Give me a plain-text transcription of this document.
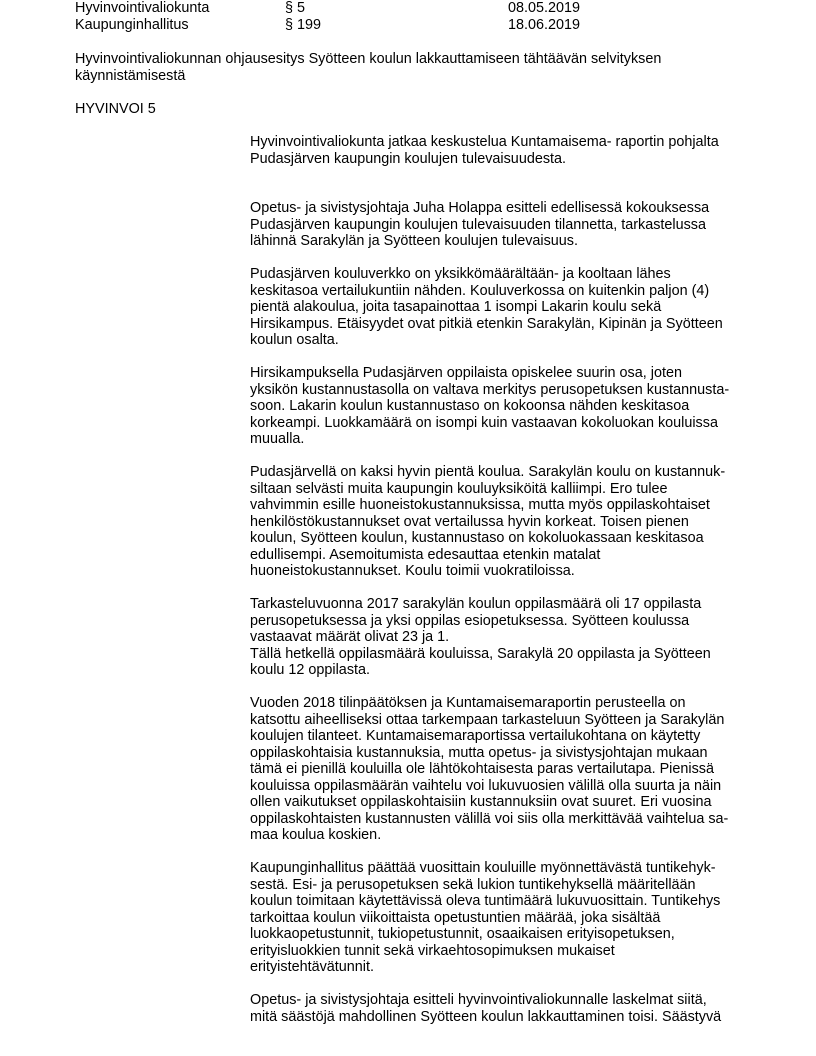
Hyvinvointivaliokunta	§ 5	08.05.2019
Kaupunginhallitus	§ 199	18.06.2019
Hyvinvointivaliokunnan ohjausesitys Syötteen koulun lakkauttamiseen tähtäävän selvityksen
käynnistämisestä
HYVINVOI 5
Hyvinvointivaliokunta jatkaa keskustelua Kuntamaisema- raportin pohjalta
Pudasjärven kaupungin koulujen tulevaisuudesta.
Opetus- ja sivistysjohtaja Juha Holappa esitteli edellisessä kokouksessa
Pudasjärven kaupungin koulujen tulevaisuuden tilannetta, tarkastelussa
lähinnä Sarakylän ja Syötteen koulujen tulevaisuus.
Pudasjärven kouluverkko on yksikkömäärältään- ja kooltaan lähes
keskitasoa vertailukuntiin nähden. Kouluverkossa on kuitenkin paljon (4)
pientä alakoulua, joita tasapainottaa 1 isompi Lakarin koulu sekä
Hirsikampus. Etäisyydet ovat pitkiä etenkin Sarakylän, Kipinän ja Syötteen
koulun osalta.
Hirsikampuksella Pudasjärven oppilaista opiskelee suurin osa, joten
yksikön kustannustasolla on valtava merkitys perusopetuksen kustannusta-
soon. Lakarin koulun kustannustaso on kokoonsa nähden keskitasoa
korkeampi. Luokkamäärä on isompi kuin vastaavan kokoluokan kouluissa
muualla.
Pudasjärvellä on kaksi hyvin pientä koulua. Sarakylän koulu on kustannuk-
siltaan selvästi muita kaupungin kouluyksiköitä kalliimpi. Ero tulee
vahvimmin esille huoneistokustannuksissa, mutta myös oppilaskohtaiset
henkilöstökustannukset ovat vertailussa hyvin korkeat. Toisen pienen
koulun, Syötteen koulun, kustannustaso on kokoluokassaan keskitasoa
edullisempi. Asemoitumista edesauttaa etenkin matalat
huoneistokustannukset. Koulu toimii vuokratiloissa.
Tarkasteluvuonna 2017 sarakylän koulun oppilasmäärä oli 17 oppilasta
perusopetuksessa ja yksi oppilas esiopetuksessa. Syötteen koulussa
vastaavat määrät olivat 23 ja 1.
Tällä hetkellä oppilasmäärä kouluissa, Sarakylä 20 oppilasta ja Syötteen
koulu 12 oppilasta.
Vuoden 2018 tilinpäätöksen ja Kuntamaisemaraportin perusteella on
katsottu aiheelliseksi ottaa tarkempaan tarkasteluun Syötteen ja Sarakylän
koulujen tilanteet. Kuntamaisemaraportissa vertailukohtana on käytetty
oppilaskohtaisia kustannuksia, mutta opetus- ja sivistysjohtajan mukaan
tämä ei pienillä kouluilla ole lähtökohtaisesta paras vertailutapa. Pienissä
kouluissa oppilasmäärän vaihtelu voi lukuvuosien välillä olla suurta ja näin
ollen vaikutukset oppilaskohtaisiin kustannuksiin ovat suuret. Eri vuosina
oppilaskohtaisten kustannusten välillä voi siis olla merkittävää vaihtelua sa-
maa koulua koskien.
Kaupunginhallitus päättää vuosittain kouluille myönnettävästä tuntikehyk-
sestä. Esi- ja perusopetuksen sekä lukion tuntikehyksellä määritellään
koulun toimitaan käytettävissä oleva tuntimäärä lukuvuosittain. Tuntikehys
tarkoittaa koulun viikoittaista opetustuntien määrää, joka sisältää
luokkaopetustunnit, tukiopetustunnit, osaaikaisen erityisopetuksen,
erityisluokkien tunnit sekä virkaehtosopimuksen mukaiset
erityistehtävätunnit.
Opetus- ja sivistysjohtaja esitteli hyvinvointivaliokunnalle laskelmat siitä,
mitä säästöjä mahdollinen Syötteen koulun lakkauttaminen toisi. Säästyvä
